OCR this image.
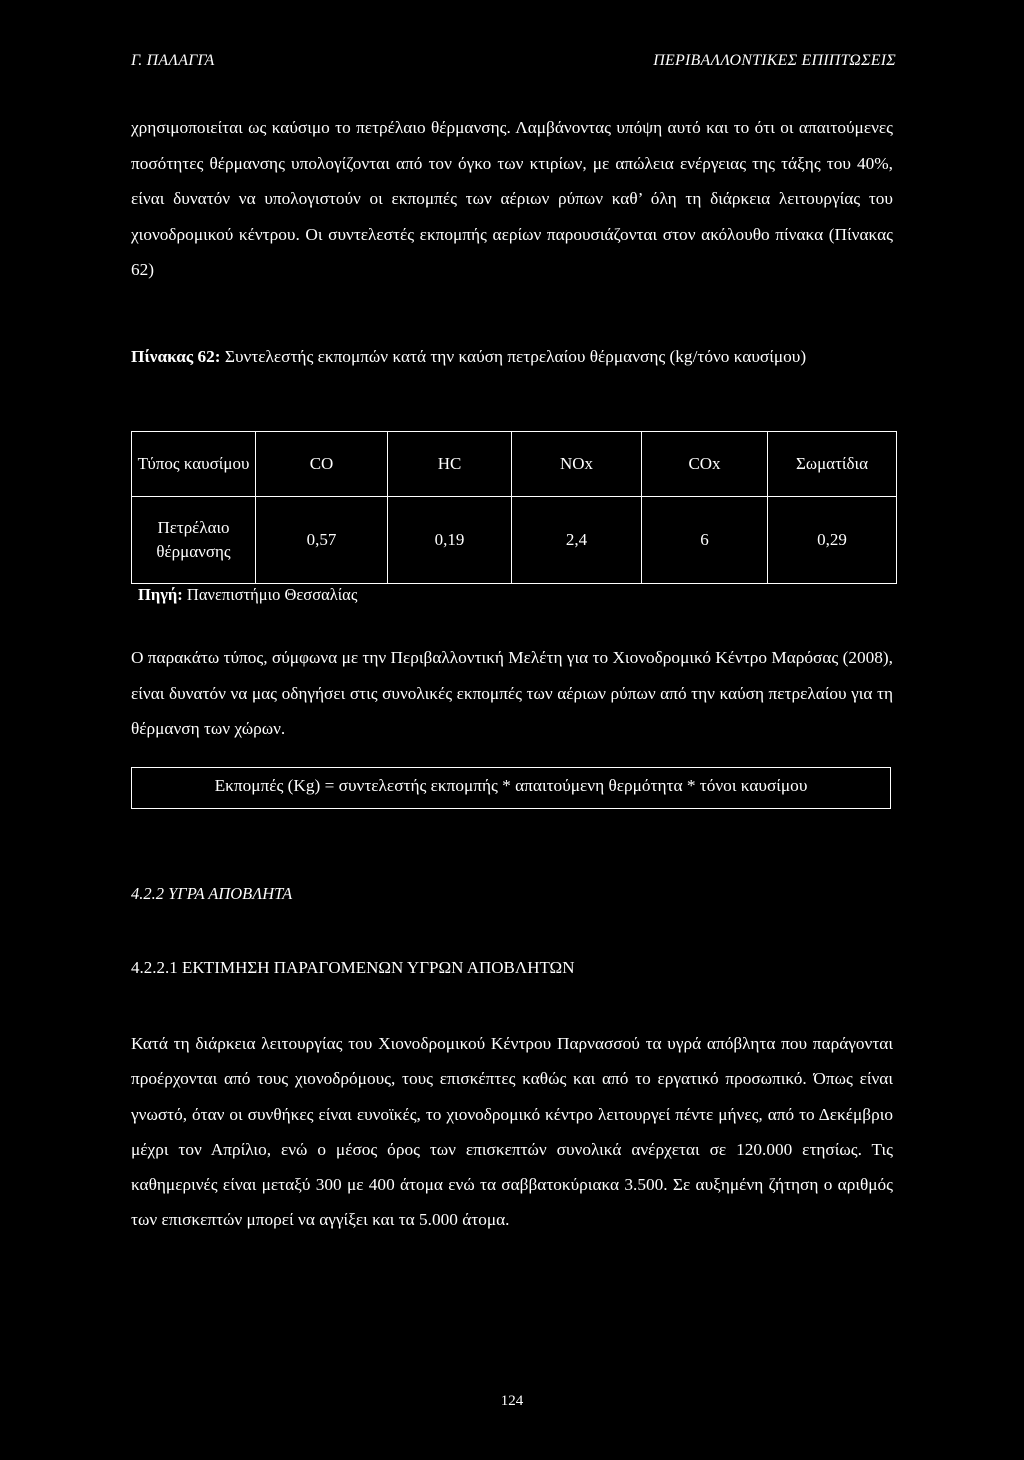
Γ. ΠΑΛΑΓΓΑ	ΠΕΡΙΒΑΛΛΟΝΤΙΚΕΣ ΕΠΙΠΤΩΣΕΙΣ

χρησιμοποιείται ως καύσιμο το πετρέλαιο θέρμανσης. Λαμβάνοντας υπόψη αυτό και το ότι οι απαιτούμενες ποσότητες θέρμανσης υπολογίζονται από τον όγκο των κτιρίων, με απώλεια ενέργειας της τάξης του 40%, είναι δυνατόν να υπολογιστούν οι εκπομπές των αέριων ρύπων καθ’ όλη τη διάρκεια λειτουργίας του χιονοδρομικού κέντρου. Οι συντελεστές εκπομπής αερίων παρουσιάζονται στον ακόλουθο πίνακα (Πίνακας 62)

Πίνακας 62: Συντελεστής εκπομπών κατά την καύση πετρελαίου θέρμανσης (kg/τόνο καυσίμου)
Τύπος καυσίμου	CO	HC	NOx	COx	Σωματίδια
Πετρέλαιο θέρμανσης	0,57	0,19	2,4	6	0,29
Πηγή: Πανεπιστήμιο Θεσσαλίας

Ο παρακάτω τύπος, σύμφωνα με την Περιβαλλοντική Μελέτη για το Χιονοδρομικό Κέντρο Μαρόσας (2008), είναι δυνατόν να μας οδηγήσει στις συνολικές εκπομπές των αέριων ρύπων από την καύση πετρελαίου για τη θέρμανση των χώρων.

Εκπομπές (Kg) = συντελεστής εκπομπής * απαιτούμενη θερμότητα * τόνοι καυσίμου
4.2.2 ΥΓΡΑ ΑΠΟΒΛΗΤΑ
4.2.2.1 ΕΚΤΙΜΗΣΗ ΠΑΡΑΓΟΜΕΝΩΝ ΥΓΡΩΝ ΑΠΟΒΛΗΤΩΝ

Κατά τη διάρκεια λειτουργίας του Χιονοδρομικού Κέντρου Παρνασσού τα υγρά απόβλητα που παράγονται προέρχονται από τους χιονοδρόμους, τους επισκέπτες καθώς και από το εργατικό προσωπικό. Όπως είναι γνωστό, όταν οι συνθήκες είναι ευνοϊκές, το χιονοδρομικό κέντρο λειτουργεί πέντε μήνες, από το Δεκέμβριο μέχρι τον Απρίλιο, ενώ ο μέσος όρος των επισκεπτών συνολικά ανέρχεται σε 120.000 ετησίως. Τις καθημερινές είναι μεταξύ 300 με 400 άτομα ενώ τα σαββατοκύριακα 3.500. Σε αυξημένη ζήτηση ο αριθμός των επισκεπτών μπορεί να αγγίξει και τα 5.000 άτομα.

124
